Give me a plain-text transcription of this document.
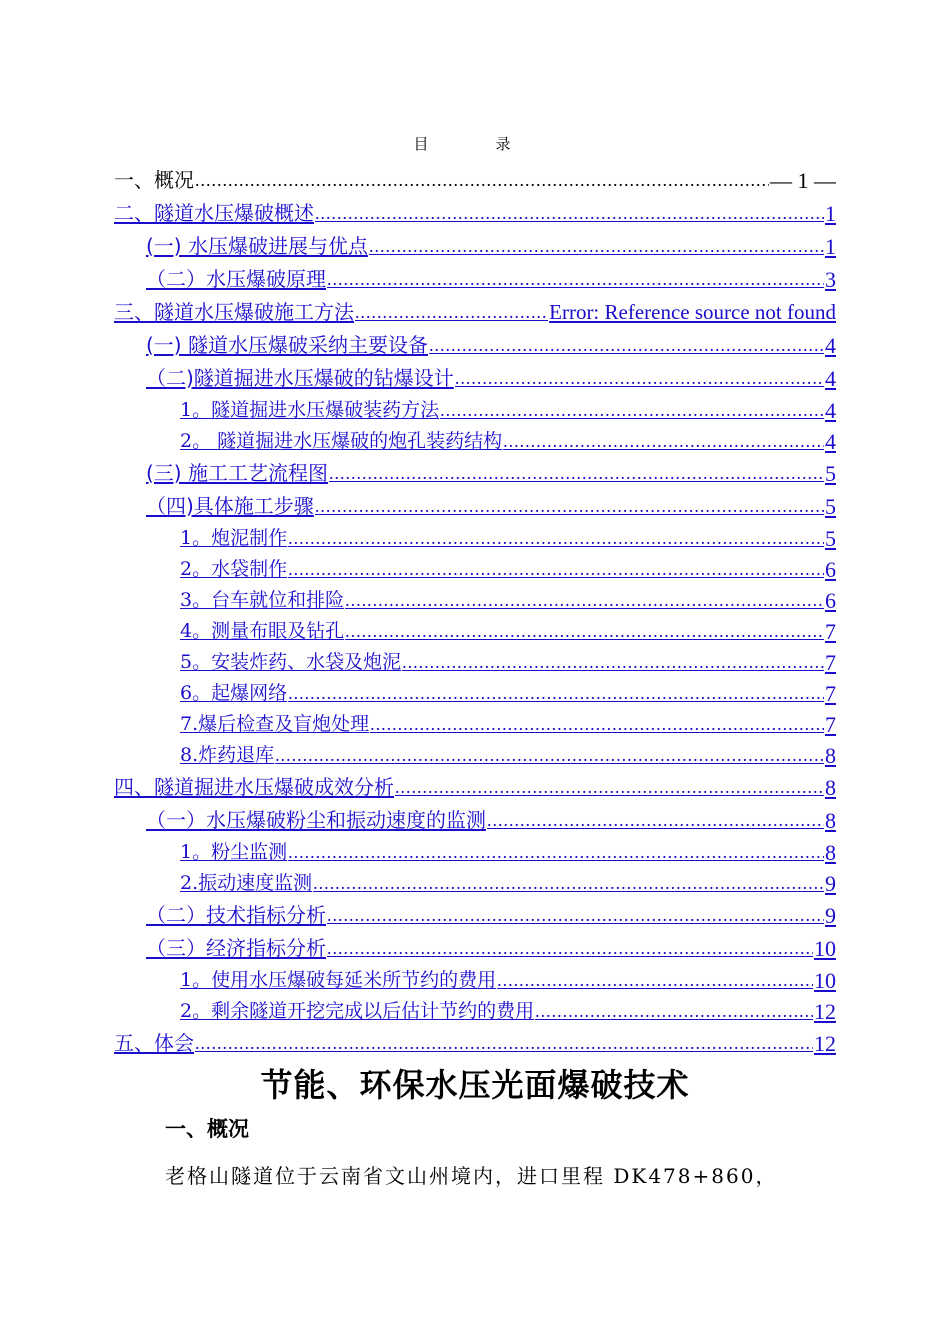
目　录
一、概况 .....	— 1 —
二、隧道水压爆破概述 .....	1
(一) 水压爆破进展与优点 .....	1
（二）水压爆破原理 .....	3
三、隧道水压爆破施工方法 .....	Error: Reference source not found
(一) 隧道水压爆破采纳主要设备 .....	4
（二)隧道掘进水压爆破的钻爆设计 .....	4
1。隧道掘进水压爆破装药方法 .....	4
2。 隧道掘进水压爆破的炮孔装药结构 .....	4
(三) 施工工艺流程图 .....	5
（四)具体施工步骤 .....	5
1。炮泥制作 .....	5
2。水袋制作 .....	6
3。台车就位和排险 .....	6
4。测量布眼及钻孔 .....	7
5。安装炸药、水袋及炮泥 .....	7
6。起爆网络 .....	7
7.爆后检查及盲炮处理 .....	7
8.炸药退库 .....	8
四、隧道掘进水压爆破成效分析 .....	8
（一）水压爆破粉尘和振动速度的监测 .....	8
1。粉尘监测 .....	8
2.振动速度监测 .....	9
（二）技术指标分析 .....	9
（三）经济指标分析 .....	10
1。使用水压爆破每延米所节约的费用 .....	10
2。剩余隧道开挖完成以后估计节约的费用 .....	12
五、体会 .....	12
节能、环保水压光面爆破技术
一、概况
老格山隧道位于云南省文山州境内，进口里程 DK478+860，
